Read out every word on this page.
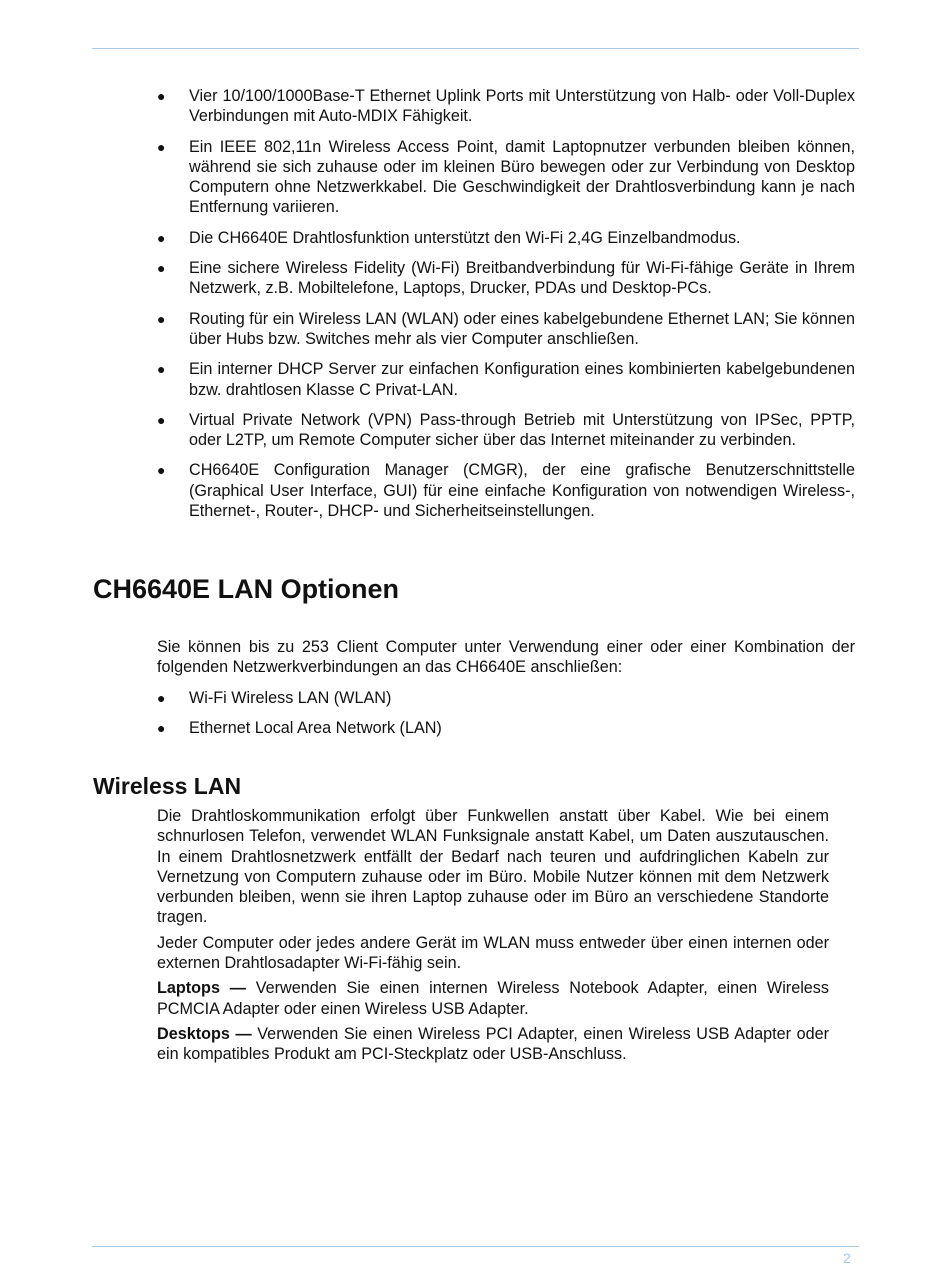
● Vier 10/100/1000Base-T Ethernet Uplink Ports mit Unterstützung von Halb- oder Voll-Duplex Verbindungen mit Auto-MDIX Fähigkeit.
● Ein IEEE 802,11n Wireless Access Point, damit Laptopnutzer verbunden bleiben können, während sie sich zuhause oder im kleinen Büro bewegen oder zur Verbindung von Desktop Computern ohne Netzwerkkabel. Die Geschwindigkeit der Drahtlosverbindung kann je nach Entfernung variieren.
● Die CH6640E Drahtlosfunktion unterstützt den Wi-Fi 2,4G Einzelbandmodus.
● Eine sichere Wireless Fidelity (Wi-Fi) Breitbandverbindung für Wi-Fi-fähige Geräte in Ihrem Netzwerk, z.B. Mobiltelefone, Laptops, Drucker, PDAs und Desktop-PCs.
● Routing für ein Wireless LAN (WLAN) oder eines kabelgebundene Ethernet LAN; Sie können über Hubs bzw. Switches mehr als vier Computer anschließen.
● Ein interner DHCP Server zur einfachen Konfiguration eines kombinierten kabelgebundenen bzw. drahtlosen Klasse C Privat-LAN.
● Virtual Private Network (VPN) Pass-through Betrieb mit Unterstützung von IPSec, PPTP, oder L2TP, um Remote Computer sicher über das Internet miteinander zu verbinden.
● CH6640E Configuration Manager (CMGR), der eine grafische Benutzerschnittstelle (Graphical User Interface, GUI) für eine einfache Konfiguration von notwendigen Wireless-, Ethernet-, Router-, DHCP- und Sicherheitseinstellungen.
CH6640E LAN Optionen

Sie können bis zu 253 Client Computer unter Verwendung einer oder einer Kombination der folgenden Netzwerkverbindungen an das CH6640E anschließen:

● Wi-Fi Wireless LAN (WLAN)
● Ethernet Local Area Network (LAN)
Wireless LAN

Die Drahtloskommunikation erfolgt über Funkwellen anstatt über Kabel. Wie bei einem schnurlosen Telefon, verwendet WLAN Funksignale anstatt Kabel, um Daten auszutauschen. In einem Drahtlosnetzwerk entfällt der Bedarf nach teuren und aufdringlichen Kabeln zur Vernetzung von Computern zuhause oder im Büro. Mobile Nutzer können mit dem Netzwerk verbunden bleiben, wenn sie ihren Laptop zuhause oder im Büro an verschiedene Standorte tragen.

Jeder Computer oder jedes andere Gerät im WLAN muss entweder über einen internen oder externen Drahtlosadapter Wi-Fi-fähig sein.

Laptops — Verwenden Sie einen internen Wireless Notebook Adapter, einen Wireless PCMCIA Adapter oder einen Wireless USB Adapter.

Desktops — Verwenden Sie einen Wireless PCI Adapter, einen Wireless USB Adapter oder ein kompatibles Produkt am PCI-Steckplatz oder USB-Anschluss.

2
